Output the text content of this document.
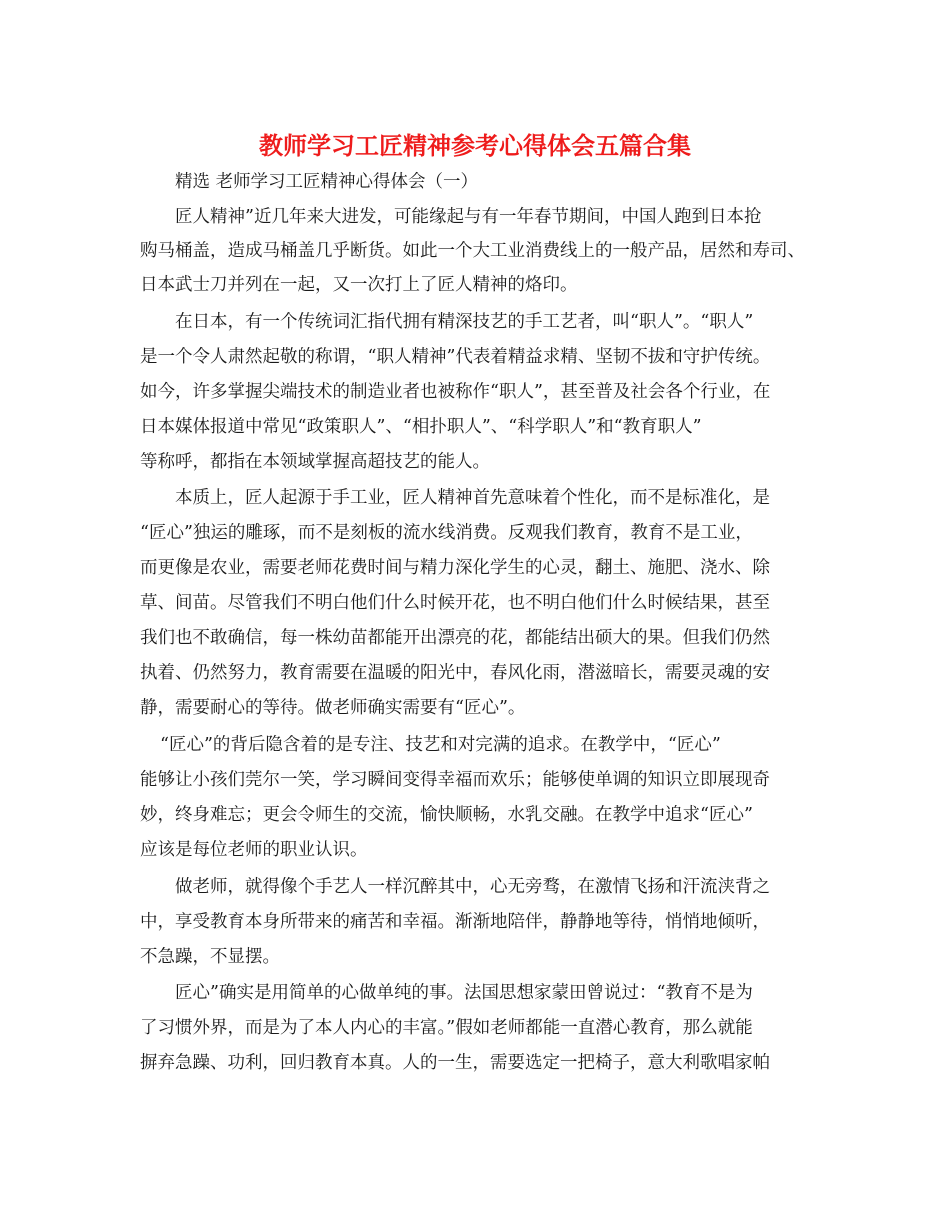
教师学习工匠精神参考心得体会五篇合集
精选 老师学习工匠精神心得体会（一）
匠人精神”近几年来大进发，可能缘起与有一年春节期间，中国人跑到日本抢
购马桶盖，造成马桶盖几乎断货。如此一个大工业消费线上的一般产品，居然和寿司、
日本武士刀并列在一起，又一次打上了匠人精神的烙印。
在日本，有一个传统词汇指代拥有精深技艺的手工艺者，叫“职人”。“职人”
是一个令人肃然起敬的称谓，“职人精神”代表着精益求精、坚韧不拔和守护传统。
如今，许多掌握尖端技术的制造业者也被称作“职人”，甚至普及社会各个行业，在
日本媒体报道中常见“政策职人”、“相扑职人”、“科学职人”和“教育职人”
等称呼，都指在本领域掌握高超技艺的能人。
本质上，匠人起源于手工业，匠人精神首先意味着个性化，而不是标准化，是
“匠心”独运的雕琢，而不是刻板的流水线消费。反观我们教育，教育不是工业，
而更像是农业，需要老师花费时间与精力深化学生的心灵，翻土、施肥、浇水、除
草、间苗。尽管我们不明白他们什么时候开花，也不明白他们什么时候结果，甚至
我们也不敢确信，每一株幼苗都能开出漂亮的花，都能结出硕大的果。但我们仍然
执着、仍然努力，教育需要在温暖的阳光中，春风化雨，潜滋暗长，需要灵魂的安
静，需要耐心的等待。做老师确实需要有“匠心”。
“匠心”的背后隐含着的是专注、技艺和对完满的追求。在教学中，“匠心”
能够让小孩们莞尔一笑，学习瞬间变得幸福而欢乐；能够使单调的知识立即展现奇
妙，终身难忘；更会令师生的交流，愉快顺畅，水乳交融。在教学中追求“匠心”
应该是每位老师的职业认识。
做老师，就得像个手艺人一样沉醉其中，心无旁骛，在激情飞扬和汗流浃背之
中，享受教育本身所带来的痛苦和幸福。渐渐地陪伴，静静地等待，悄悄地倾听，
不急躁，不显摆。
匠心”确实是用简单的心做单纯的事。法国思想家蒙田曾说过：“教育不是为
了习惯外界，而是为了本人内心的丰富。”假如老师都能一直潜心教育，那么就能
摒弃急躁、功利，回归教育本真。人的一生，需要选定一把椅子，意大利歌唱家帕
